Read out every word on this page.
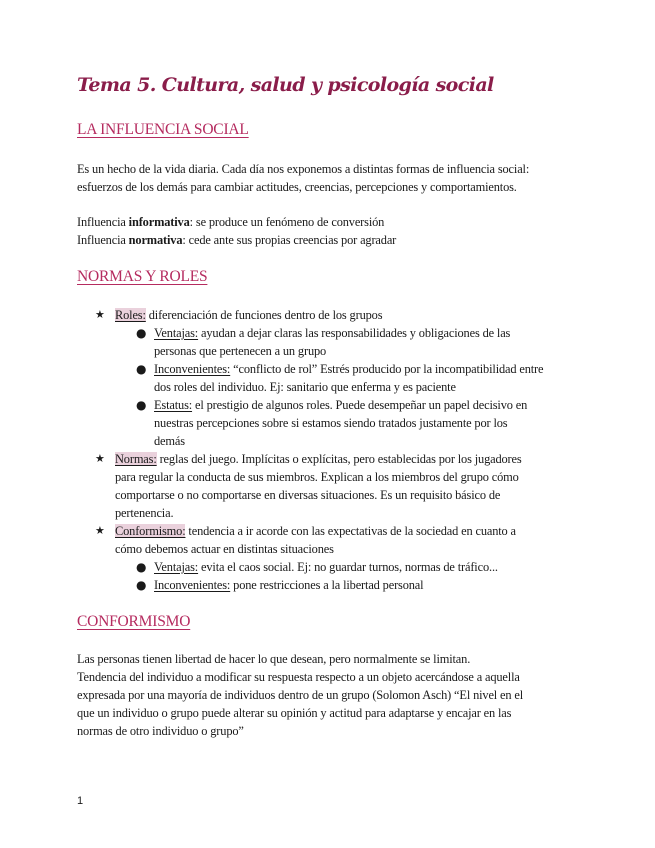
Tema 5. Cultura, salud y psicología social
LA INFLUENCIA SOCIAL
Es un hecho de la vida diaria. Cada día nos exponemos a distintas formas de influencia social:
esfuerzos de los demás para cambiar actitudes, creencias, percepciones y comportamientos.
Influencia informativa: se produce un fenómeno de conversión
Influencia normativa: cede ante sus propias creencias por agradar
NORMAS Y ROLES
★ Roles: diferenciación de funciones dentro de los grupos
● Ventajas: ayudan a dejar claras las responsabilidades y obligaciones de las
personas que pertenecen a un grupo
● Inconvenientes: “conflicto de rol” Estrés producido por la incompatibilidad entre
dos roles del individuo. Ej: sanitario que enferma y es paciente
● Estatus: el prestigio de algunos roles. Puede desempeñar un papel decisivo en
nuestras percepciones sobre si estamos siendo tratados justamente por los
demás
★ Normas: reglas del juego. Implícitas o explícitas, pero establecidas por los jugadores
para regular la conducta de sus miembros. Explican a los miembros del grupo cómo
comportarse o no comportarse en diversas situaciones. Es un requisito básico de
pertenencia.
★ Conformismo: tendencia a ir acorde con las expectativas de la sociedad en cuanto a
cómo debemos actuar en distintas situaciones
● Ventajas: evita el caos social. Ej: no guardar turnos, normas de tráfico...
● Inconvenientes: pone restricciones a la libertad personal
CONFORMISMO
Las personas tienen libertad de hacer lo que desean, pero normalmente se limitan.
Tendencia del individuo a modificar su respuesta respecto a un objeto acercándose a aquella
expresada por una mayoría de individuos dentro de un grupo (Solomon Asch) “El nivel en el
que un individuo o grupo puede alterar su opinión y actitud para adaptarse y encajar en las
normas de otro individuo o grupo”
1
